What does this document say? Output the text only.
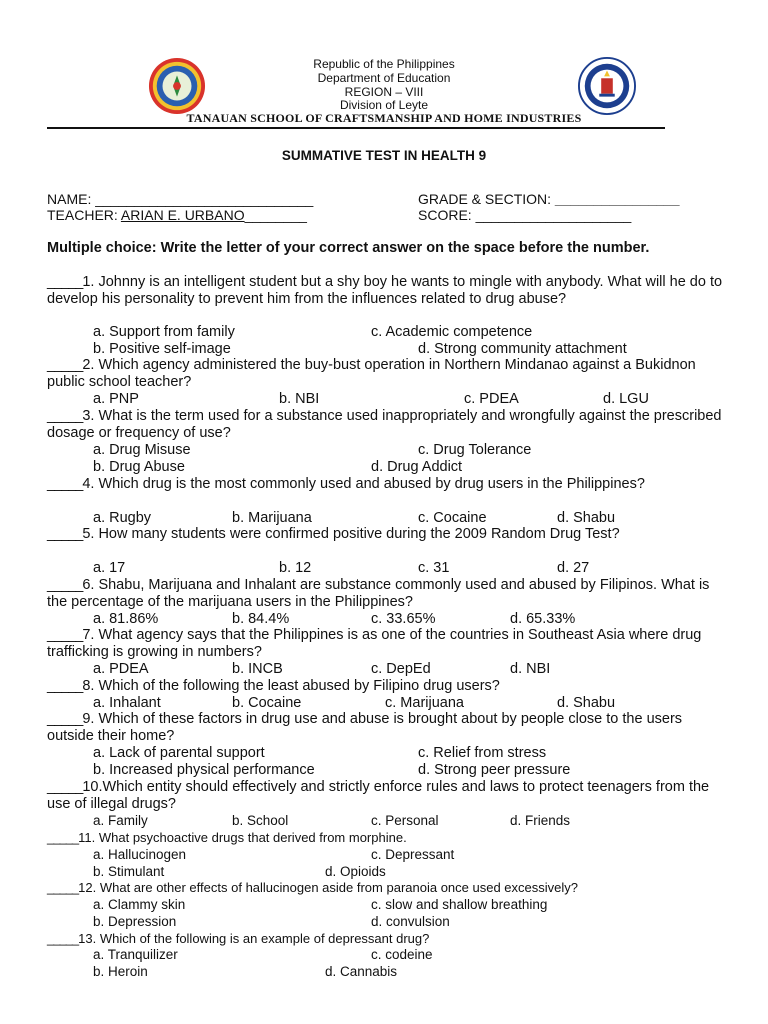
Republic of the Philippines
Department of Education
REGION – VIII
Division of Leyte
TANAUAN SCHOOL OF CRAFTSMANSHIP AND HOME INDUSTRIES
SUMMATIVE TEST IN HEALTH 9
NAME: ____________________________	GRADE & SECTION: ________________
TEACHER: ARIAN E. URBANO________	SCORE: ____________________
Multiple choice: Write the letter of your correct answer on the space before the number.
_____1. Johnny is an intelligent student but a shy boy he wants to mingle with anybody. What will he do to develop his personality to prevent him from the influences related to drug abuse?
a. Support from family	c. Academic competence
b. Positive self-image	d. Strong community attachment
_____2. Which agency administered the buy-bust operation in Northern Mindanao against a Bukidnon public school teacher?
a. PNP	b. NBI	c. PDEA	d. LGU
_____3. What is the term used for a substance used inappropriately and wrongfully against the prescribed dosage or frequency of use?
a. Drug Misuse	c. Drug Tolerance
b. Drug Abuse	d. Drug Addict
_____4. Which drug is the most commonly used and abused by drug users in the Philippines?
a. Rugby	b. Marijuana	c. Cocaine	d. Shabu
_____5. How many students were confirmed positive during the 2009 Random Drug Test?
a. 17	b. 12	c. 31	d. 27
_____6. Shabu, Marijuana and Inhalant are substance commonly used and abused by Filipinos. What is the percentage of the marijuana users in the Philippines?
a. 81.86%	b. 84.4%	c. 33.65%	d. 65.33%
_____7. What agency says that the Philippines is as one of the countries in Southeast Asia where drug trafficking is growing in numbers?
a. PDEA	b. INCB	c. DepEd	d. NBI
_____8. Which of the following the least abused by Filipino drug users?
a. Inhalant	b. Cocaine	c. Marijuana	d. Shabu
_____9. Which of these factors in drug use and abuse is brought about by people close to the users outside their home?
a. Lack of parental support	c. Relief from stress
b. Increased physical performance	d. Strong peer pressure
_____10.Which entity should effectively and strictly enforce rules and laws to protect teenagers from the use of illegal drugs?
a. Family	b. School	c. Personal	d. Friends
_____11. What psychoactive drugs that derived from morphine.
a. Hallucinogen	c. Depressant
b. Stimulant	d. Opioids
_____12. What are other effects of hallucinogen aside from paranoia once used excessively?
a. Clammy skin	c. slow and shallow breathing
b. Depression	d. convulsion
_____13. Which of the following is an example of depressant drug?
a. Tranquilizer	c. codeine
b. Heroin	d. Cannabis
